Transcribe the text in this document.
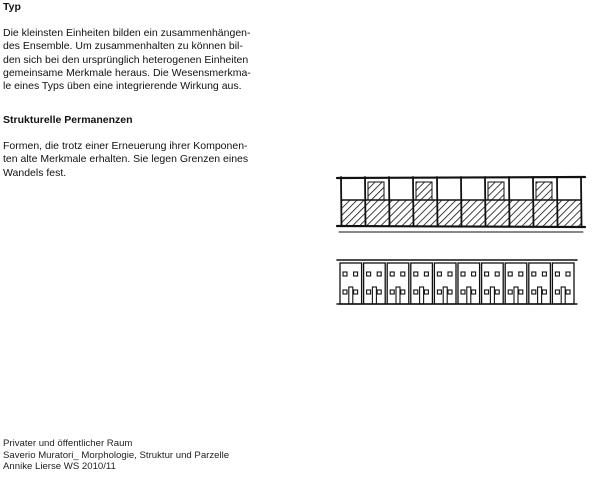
Typ

Die kleinsten Einheiten bilden ein zusammenhängen-
des Ensemble. Um zusammenhalten zu können bil-
den sich bei den ursprünglich heterogenen Einheiten
gemeinsame Merkmale heraus. Die Wesensmerkma-
le eines Typs üben eine integrierende Wirkung aus.

Strukturelle Permanenzen

Formen, die trotz einer Erneuerung ihrer Komponen-
ten alte Merkmale erhalten. Sie legen Grenzen eines
Wandels fest.

Privater und öffentlicher Raum
Saverio Muratori_ Morphologie, Struktur und Parzelle
Annike Lierse WS 2010/11
